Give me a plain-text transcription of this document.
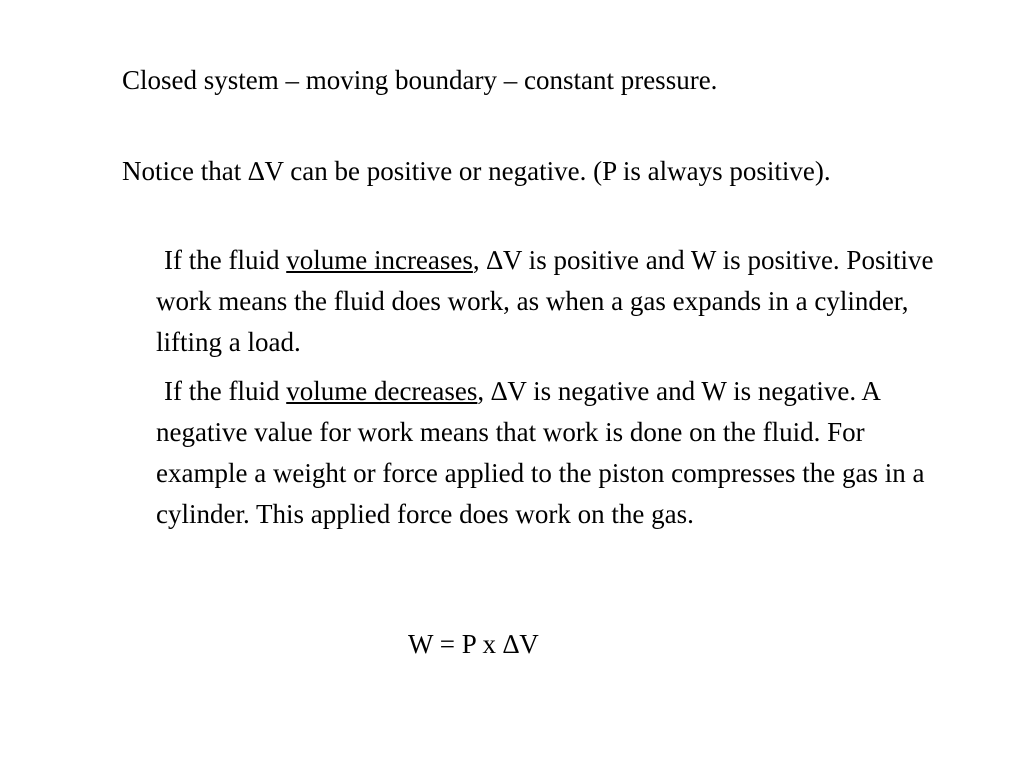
Closed system – moving boundary – constant pressure.

Notice that ∆V can be positive or negative. (P is always positive).

If the fluid volume increases, ∆V is positive and W is positive. Positive work means the fluid does work, as when a gas expands in a cylinder, lifting a load.

If the fluid volume decreases, ∆V is negative and W is negative. A negative value for work means that work is done on the fluid. For example a weight or force applied to the piston compresses the gas in a cylinder. This applied force does work on the gas.

W = P x ∆V
